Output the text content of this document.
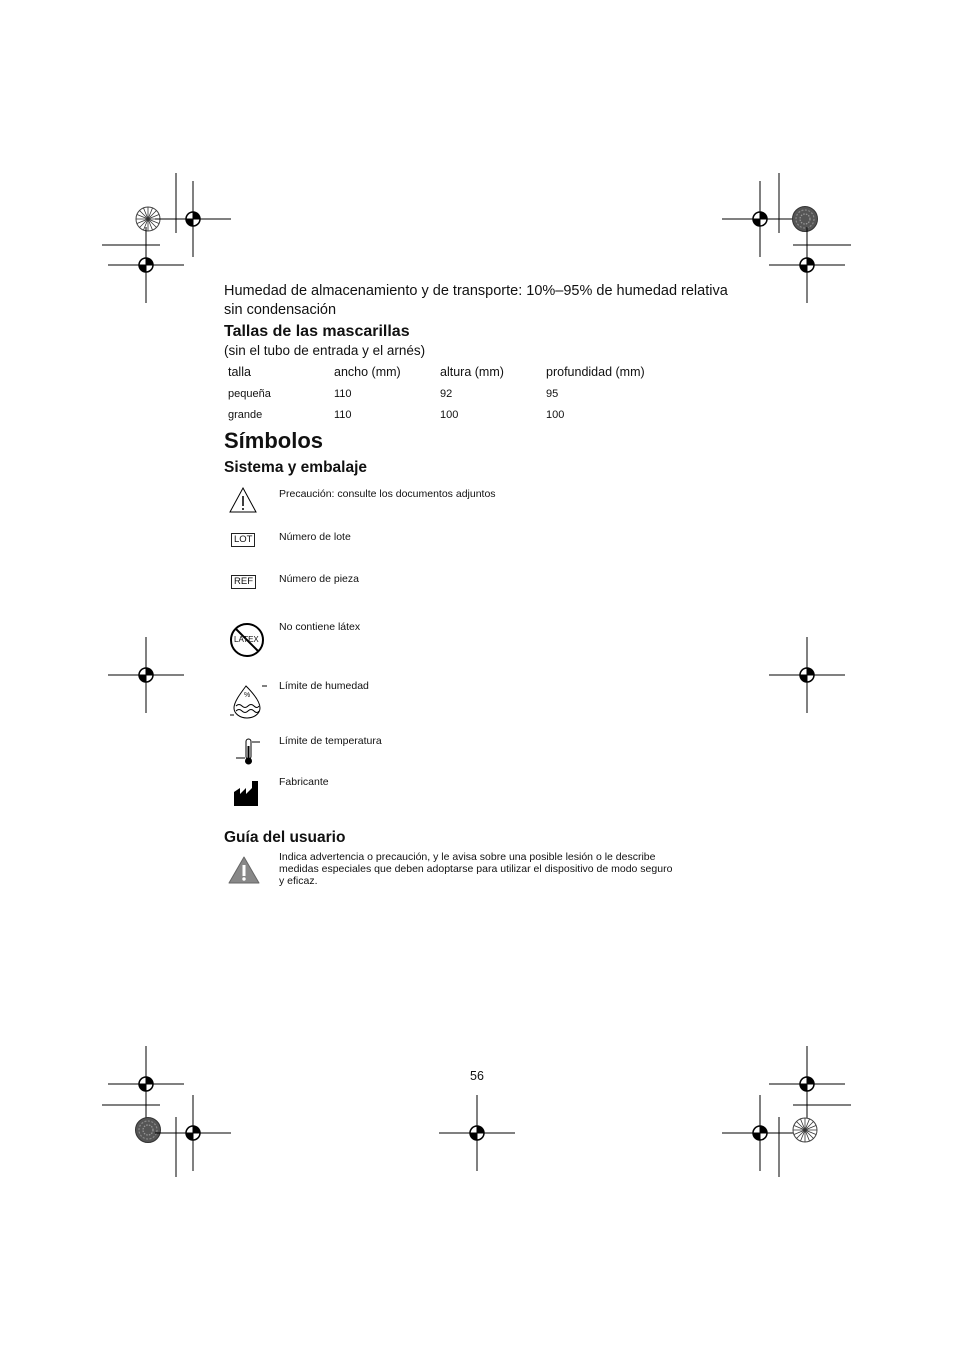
Humedad de almacenamiento y de transporte: 10%–95% de humedad relativa sin condensación
Tallas de las mascarillas
(sin el tubo de entrada y el arnés)
talla	ancho (mm)	altura (mm)	profundidad (mm)
pequeña	110	92	95
grande	110	100	100
Símbolos
Sistema y embalaje
Precaución: consulte los documentos adjuntos
LOT	Número de lote
REF Número de pieza
LATEX
No contiene látex
%
Límite de humedad
Límite de temperatura
Fabricante
Guía del usuario
Indica advertencia o precaución, y le avisa sobre una posible lesión o le describe medidas especiales que deben adoptarse para utilizar el dispositivo de modo seguro y eficaz.
56
